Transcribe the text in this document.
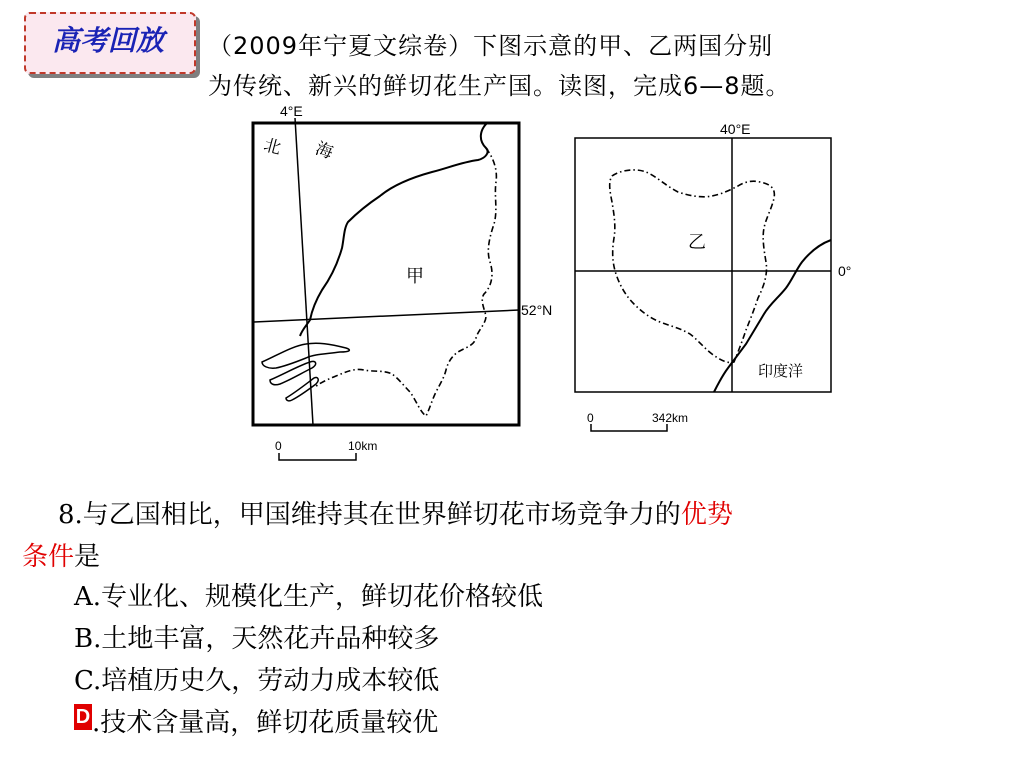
高考回放	（2009年宁夏文综卷）下图示意的甲、乙两国分别
为传统、新兴的鲜切花生产国。读图，完成6—8题。
4°E
52°N
北 海
甲
0	10km
40°E
0°
乙
印度洋
0	342km
8.与乙国相比，甲国维持其在世界鲜切花市场竞争力的优势
条件是
A.专业化、规模化生产，鲜切花价格较低
B.土地丰富，天然花卉品种较多
C.培植历史久，劳动力成本较低
.技术含量高，鲜切花质量较优
D
